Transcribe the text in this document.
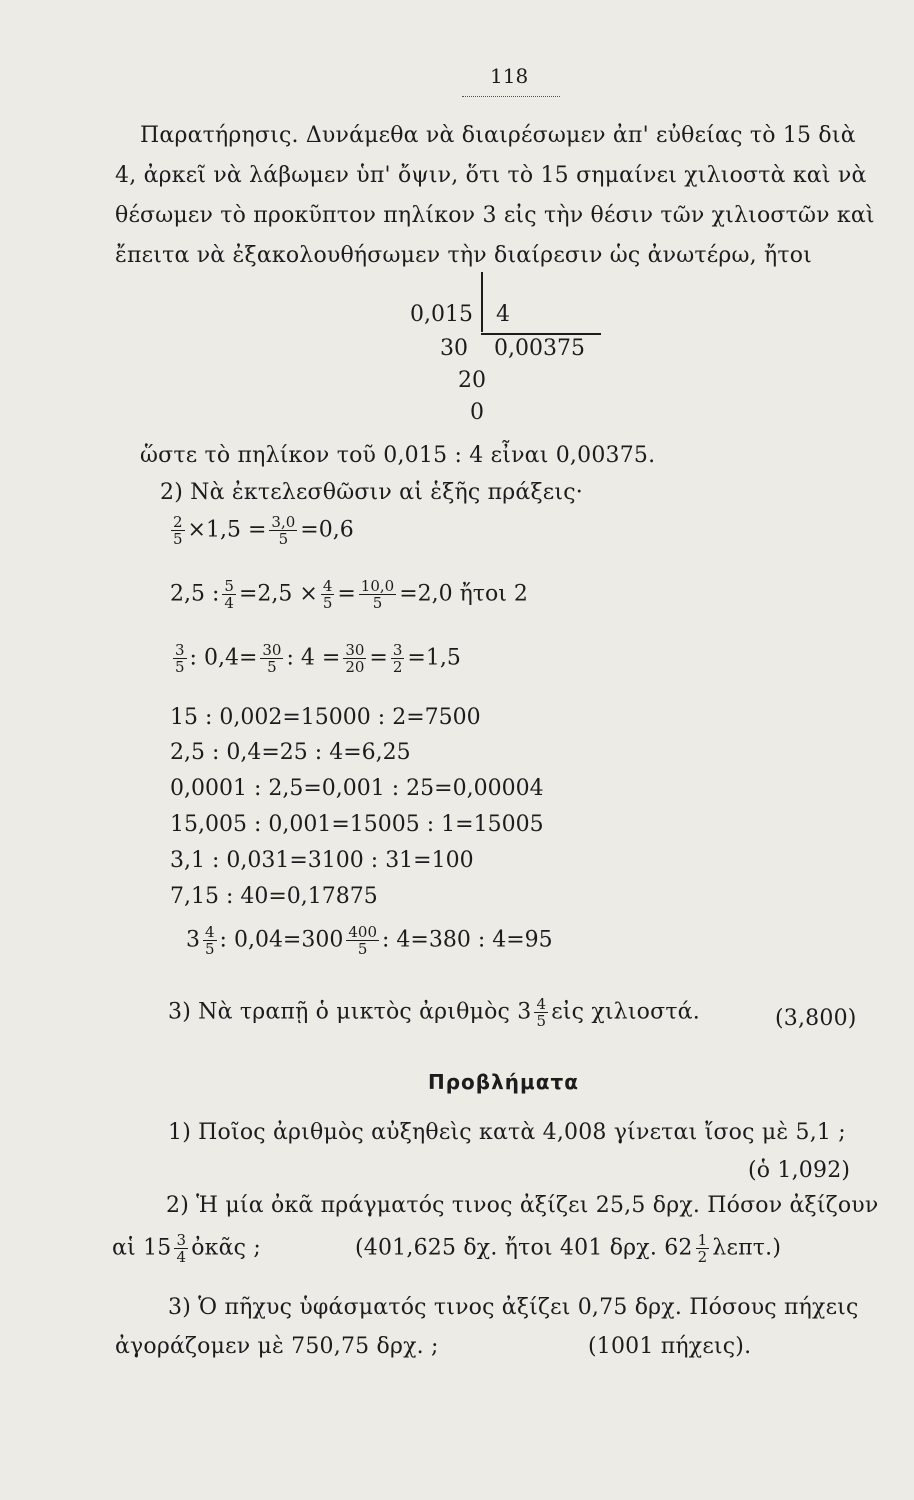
118
Παρατήρησις. Δυνάμεθα νὰ διαιρέσωμεν ἀπ' εὐθείας τὸ 15 διὰ
4, ἀρκεῖ νὰ λάβωμεν ὑπ' ὄψιν, ὅτι τὸ 15 σημαίνει χιλιοστὰ καὶ νὰ
θέσωμεν τὸ προκῦπτον πηλίκον 3 εἰς τὴν θέσιν τῶν χιλιοστῶν καὶ
ἔπειτα νὰ ἐξακολουθήσωμεν τὴν διαίρεσιν ὡς ἀνωτέρω, ἤτοι
0,015 4
30 0,00375
20
0
ὥστε τὸ πηλίκον τοῦ 0,015 : 4 εἶναι 0,00375.
2) Νὰ ἐκτελεσθῶσιν αἱ ἑξῆς πράξεις·
$\frac{2}{5} \times 1,5 = \frac{3,0}{5} =0,6$
2,5 : $\frac{5}{4} =2,5 \times \frac{4}{5} = \frac{10,0}{5} =2,0$ ἤτοι 2
$\frac{3}{5}$ : $0,4= \frac{30}{5}$ : $4 = \frac{30}{20} = \frac{3}{2} =1,5$
15 : 0,002=15000 : 2=7500
2,5 : 0,4=25 : 4=6,25
0,0001 : 2,5=0,001 : 25=0,00004
15,005 : 0,001=15005 : 1=15005
3,1 : 0,031=3100 : 31=100
7,15 : 40=0,17875
$3 \frac{4}{5}$ : $0,04=300 \frac{400}{5}$ : 4=380 : 4=95
3) Νὰ τραπῇ ὁ μικτὸς ἀριθμὸς $3 \frac{4}{5}$ εἰς χιλιοστά.	(3,800)
Προβλήματα
1) Ποῖος ἀριθμὸς αὐξηθεὶς κατὰ 4,008 γίνεται ἴσος μὲ 5,1 ;
(ὁ 1,092)
2) Ἡ μία ὀκᾶ πράγματός τινος ἀξίζει 25,5 δρχ. Πόσον ἀξίζουν
αἱ $15 \frac{3}{4}$ ὀκᾶς ;	(401,625 δχ. ἤτοι 401 δρχ. $62 \frac{1}{2} \lambda\varepsilon\pi\tau$.)
3) Ὁ πῆχυς ὑφάσματός τινος ἀξίζει 0,75 δρχ. Πόσους πήχεις
ἀγοράζομεν μὲ 750,75 δρχ. ;	(1001 πήχεις).
